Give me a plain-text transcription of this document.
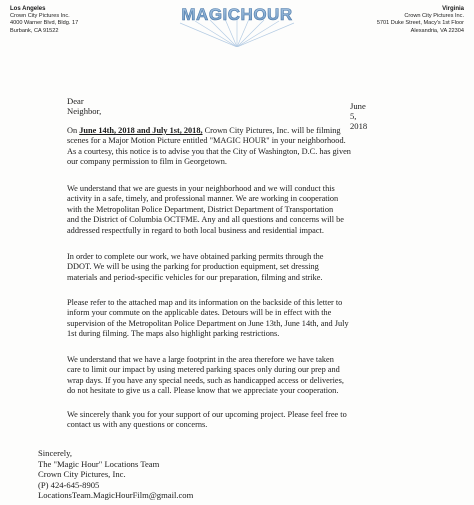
Los Angeles
Crown City Pictures Inc.
4000 Warner Blvd, Bldg. 17
Burbank, CA 91522
Virginia
Crown City Pictures Inc.
5701 Duke Street, Macy's 1st Floor
Alexandria, VA 22304
MAGICHOUR
Dear Neighbor,	June 5, 2018

On June 14th, 2018 and July 1st, 2018, Crown City Pictures, Inc. will be filming
scenes for a Major Motion Picture entitled "MAGIC HOUR" in your neighborhood.
As a courtesy, this notice is to advise you that the City of Washington, D.C. has given
our company permission to film in Georgetown.

We understand that we are guests in your neighborhood and we will conduct this
activity in a safe, timely, and professional manner. We are working in cooperation
with the Metropolitan Police Department, District Department of Transportation
and the District of Columbia OCTFME. Any and all questions and concerns will be
addressed respectfully in regard to both local business and residential impact.

In order to complete our work, we have obtained parking permits through the
DDOT. We will be using the parking for production equipment, set dressing
materials and period-specific vehicles for our preparation, filming and strike.

Please refer to the attached map and its information on the backside of this letter to
inform your commute on the applicable dates. Detours will be in effect with the
supervision of the Metropolitan Police Department on June 13th, June 14th, and July
1st during filming. The maps also highlight parking restrictions.

We understand that we have a large footprint in the area therefore we have taken
care to limit our impact by using metered parking spaces only during our prep and
wrap days. If you have any special needs, such as handicapped access or deliveries,
do not hesitate to give us a call. Please know that we appreciate your cooperation.

We sincerely thank you for your support of our upcoming project. Please feel free to
contact us with any questions or concerns.

Sincerely,
The "Magic Hour" Locations Team
Crown City Pictures, Inc.
(P) 424-645-8905
LocationsTeam.MagicHourFilm@gmail.com
